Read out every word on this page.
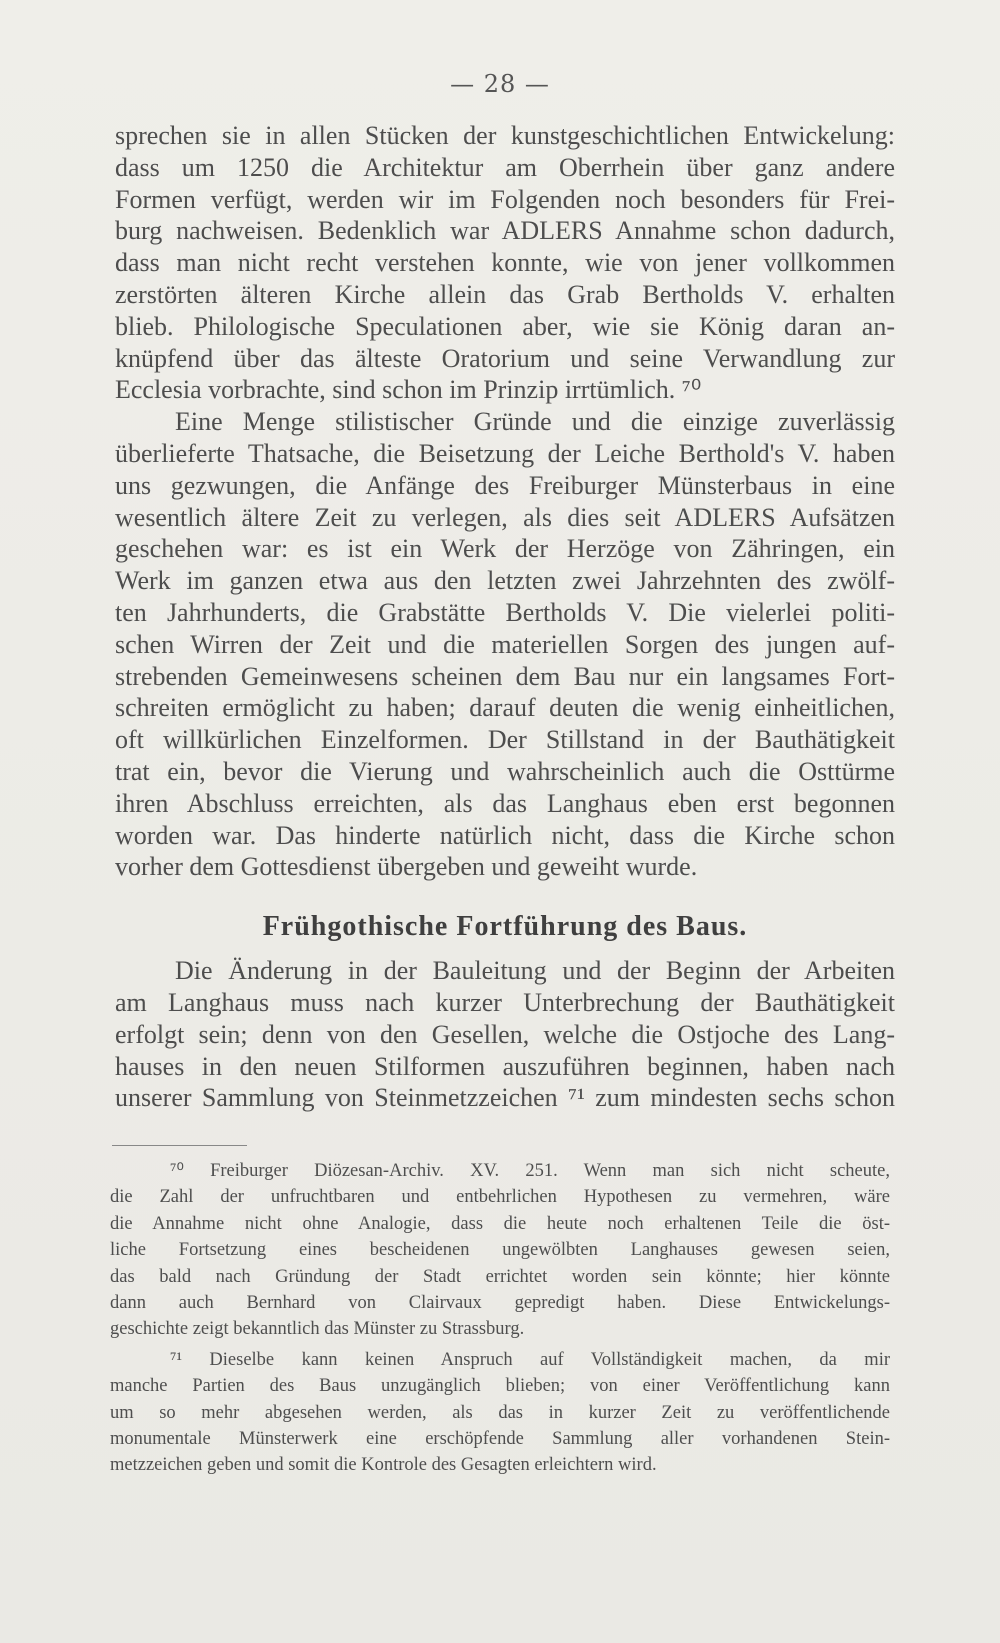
— 28 —
sprechen sie in allen Stücken der kunstgeschichtlichen Entwickelung:
dass um 1250 die Architektur am Oberrhein über ganz andere
Formen verfügt, werden wir im Folgenden noch besonders für Frei-
burg nachweisen. Bedenklich war ADLERS Annahme schon dadurch,
dass man nicht recht verstehen konnte, wie von jener vollkommen
zerstörten älteren Kirche allein das Grab Bertholds V. erhalten
blieb. Philologische Speculationen aber, wie sie König daran an-
knüpfend über das älteste Oratorium und seine Verwandlung zur
Ecclesia vorbrachte, sind schon im Prinzip irrtümlich. ⁷⁰
Eine Menge stilistischer Gründe und die einzige zuverlässig
überlieferte Thatsache, die Beisetzung der Leiche Berthold's V. haben
uns gezwungen, die Anfänge des Freiburger Münsterbaus in eine
wesentlich ältere Zeit zu verlegen, als dies seit ADLERS Aufsätzen
geschehen war: es ist ein Werk der Herzöge von Zähringen, ein
Werk im ganzen etwa aus den letzten zwei Jahrzehnten des zwölf-
ten Jahrhunderts, die Grabstätte Bertholds V. Die vielerlei politi-
schen Wirren der Zeit und die materiellen Sorgen des jungen auf-
strebenden Gemeinwesens scheinen dem Bau nur ein langsames Fort-
schreiten ermöglicht zu haben; darauf deuten die wenig einheitlichen,
oft willkürlichen Einzelformen. Der Stillstand in der Bauthätigkeit
trat ein, bevor die Vierung und wahrscheinlich auch die Osttürme
ihren Abschluss erreichten, als das Langhaus eben erst begonnen
worden war. Das hinderte natürlich nicht, dass die Kirche schon
vorher dem Gottesdienst übergeben und geweiht wurde.
Frühgothische Fortführung des Baus.
Die Änderung in der Bauleitung und der Beginn der Arbeiten
am Langhaus muss nach kurzer Unterbrechung der Bauthätigkeit
erfolgt sein; denn von den Gesellen, welche die Ostjoche des Lang-
hauses in den neuen Stilformen auszuführen beginnen, haben nach
unserer Sammlung von Steinmetzzeichen ⁷¹ zum mindesten sechs schon
⁷⁰ Freiburger Diözesan-Archiv. XV. 251. Wenn man sich nicht scheute,
die Zahl der unfruchtbaren und entbehrlichen Hypothesen zu vermehren, wäre
die Annahme nicht ohne Analogie, dass die heute noch erhaltenen Teile die öst-
liche Fortsetzung eines bescheidenen ungewölbten Langhauses gewesen seien,
das bald nach Gründung der Stadt errichtet worden sein könnte; hier könnte
dann auch Bernhard von Clairvaux gepredigt haben. Diese Entwickelungs-
geschichte zeigt bekanntlich das Münster zu Strassburg.
⁷¹ Dieselbe kann keinen Anspruch auf Vollständigkeit machen, da mir
manche Partien des Baus unzugänglich blieben; von einer Veröffentlichung kann
um so mehr abgesehen werden, als das in kurzer Zeit zu veröffentlichende
monumentale Münsterwerk eine erschöpfende Sammlung aller vorhandenen Stein-
metzzeichen geben und somit die Kontrole des Gesagten erleichtern wird.
